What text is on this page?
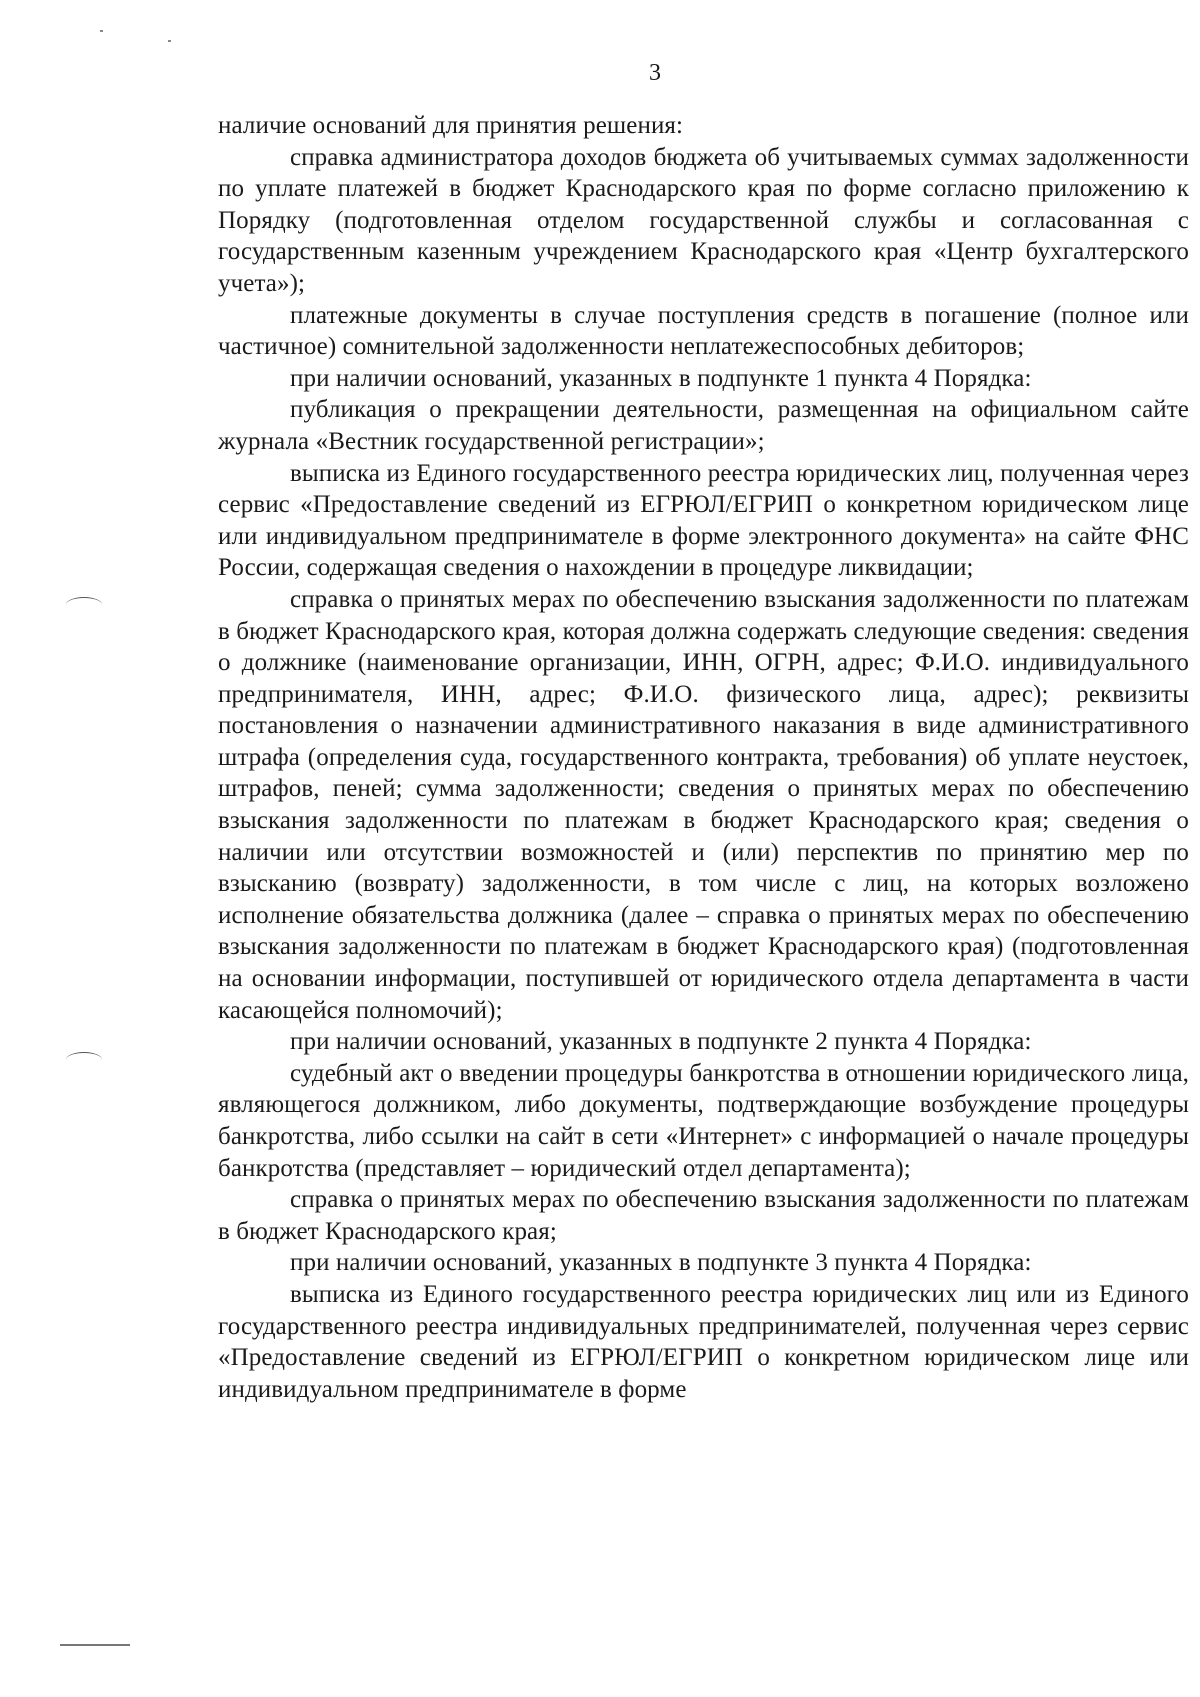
3

наличие оснований для принятия решения:

справка администратора доходов бюджета об учитываемых суммах задолженности по уплате платежей в бюджет Краснодарского края по форме согласно приложению к Порядку (подготовленная отделом государственной службы и согласованная с государственным казенным учреждением Краснодарского края «Центр бухгалтерского учета»);

платежные документы в случае поступления средств в погашение (полное или частичное) сомнительной задолженности неплатежеспособных дебиторов;

при наличии оснований, указанных в подпункте 1 пункта 4 Порядка:

публикация о прекращении деятельности, размещенная на официальном сайте журнала «Вестник государственной регистрации»;

выписка из Единого государственного реестра юридических лиц, полученная через сервис «Предоставление сведений из ЕГРЮЛ/ЕГРИП о конкретном юридическом лице или индивидуальном предпринимателе в форме электронного документа» на сайте ФНС России, содержащая сведения о нахождении в процедуре ликвидации;

справка о принятых мерах по обеспечению взыскания задолженности по платежам в бюджет Краснодарского края, которая должна содержать следующие сведения: сведения о должнике (наименование организации, ИНН, ОГРН, адрес; Ф.И.О. индивидуального предпринимателя, ИНН, адрес; Ф.И.О. физического лица, адрес); реквизиты постановления о назначении административного наказания в виде административного штрафа (определения суда, государственного контракта, требования) об уплате неустоек, штрафов, пеней; сумма задолженности; сведения о принятых мерах по обеспечению взыскания задолженности по платежам в бюджет Краснодарского края; сведения о наличии или отсутствии возможностей и (или) перспектив по принятию мер по взысканию (возврату) задолженности, в том числе с лиц, на которых возложено исполнение обязательства должника (далее – справка о принятых мерах по обеспечению взыскания задолженности по платежам в бюджет Краснодарского края) (подготовленная на основании информации, поступившей от юридического отдела департамента в части касающейся полномочий);

при наличии оснований, указанных в подпункте 2 пункта 4 Порядка:

судебный акт о введении процедуры банкротства в отношении юридического лица, являющегося должником, либо документы, подтверждающие возбуждение процедуры банкротства, либо ссылки на сайт в сети «Интернет» с информацией о начале процедуры банкротства (представляет – юридический отдел департамента);

справка о принятых мерах по обеспечению взыскания задолженности по платежам в бюджет Краснодарского края;

при наличии оснований, указанных в подпункте 3 пункта 4 Порядка:

выписка из Единого государственного реестра юридических лиц или из Единого государственного реестра индивидуальных предпринимателей, полученная через сервис «Предоставление сведений из ЕГРЮЛ/ЕГРИП о конкретном юридическом лице или индивидуальном предпринимателе в форме
